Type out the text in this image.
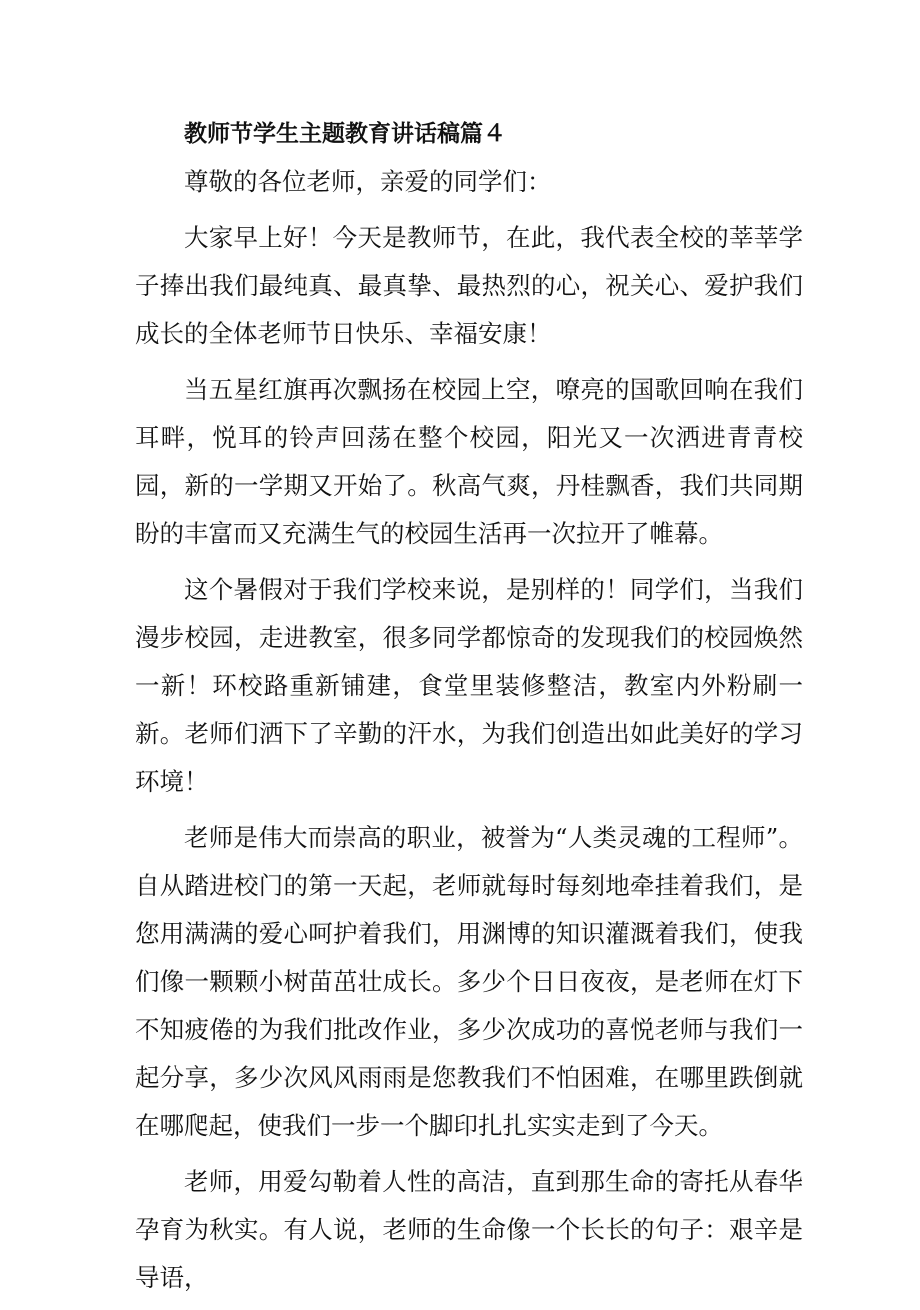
教师节学生主题教育讲话稿篇４

尊敬的各位老师，亲爱的同学们：

大家早上好！今天是教师节，在此，我代表全校的莘莘学子捧出我们最纯真、最真挚、最热烈的心，祝关心、爱护我们成长的全体老师节日快乐、幸福安康！

当五星红旗再次飘扬在校园上空，嘹亮的国歌回响在我们耳畔，悦耳的铃声回荡在整个校园，阳光又一次洒进青青校园，新的一学期又开始了。秋高气爽，丹桂飘香，我们共同期盼的丰富而又充满生气的校园生活再一次拉开了帷幕。

这个暑假对于我们学校来说，是别样的！同学们，当我们漫步校园，走进教室，很多同学都惊奇的发现我们的校园焕然一新！环校路重新铺建，食堂里装修整洁，教室内外粉刷一新。老师们洒下了辛勤的汗水，为我们创造出如此美好的学习环境！

老师是伟大而崇高的职业，被誉为“人类灵魂的工程师”。自从踏进校门的第一天起，老师就每时每刻地牵挂着我们，是您用满满的爱心呵护着我们，用渊博的知识灌溉着我们，使我们像一颗颗小树苗茁壮成长。多少个日日夜夜，是老师在灯下不知疲倦的为我们批改作业，多少次成功的喜悦老师与我们一起分享，多少次风风雨雨是您教我们不怕困难，在哪里跌倒就在哪爬起，使我们一步一个脚印扎扎实实走到了今天。

老师，用爱勾勒着人性的高洁，直到那生命的寄托从春华孕育为秋实。有人说，老师的生命像一个长长的句子：艰辛是导语，
